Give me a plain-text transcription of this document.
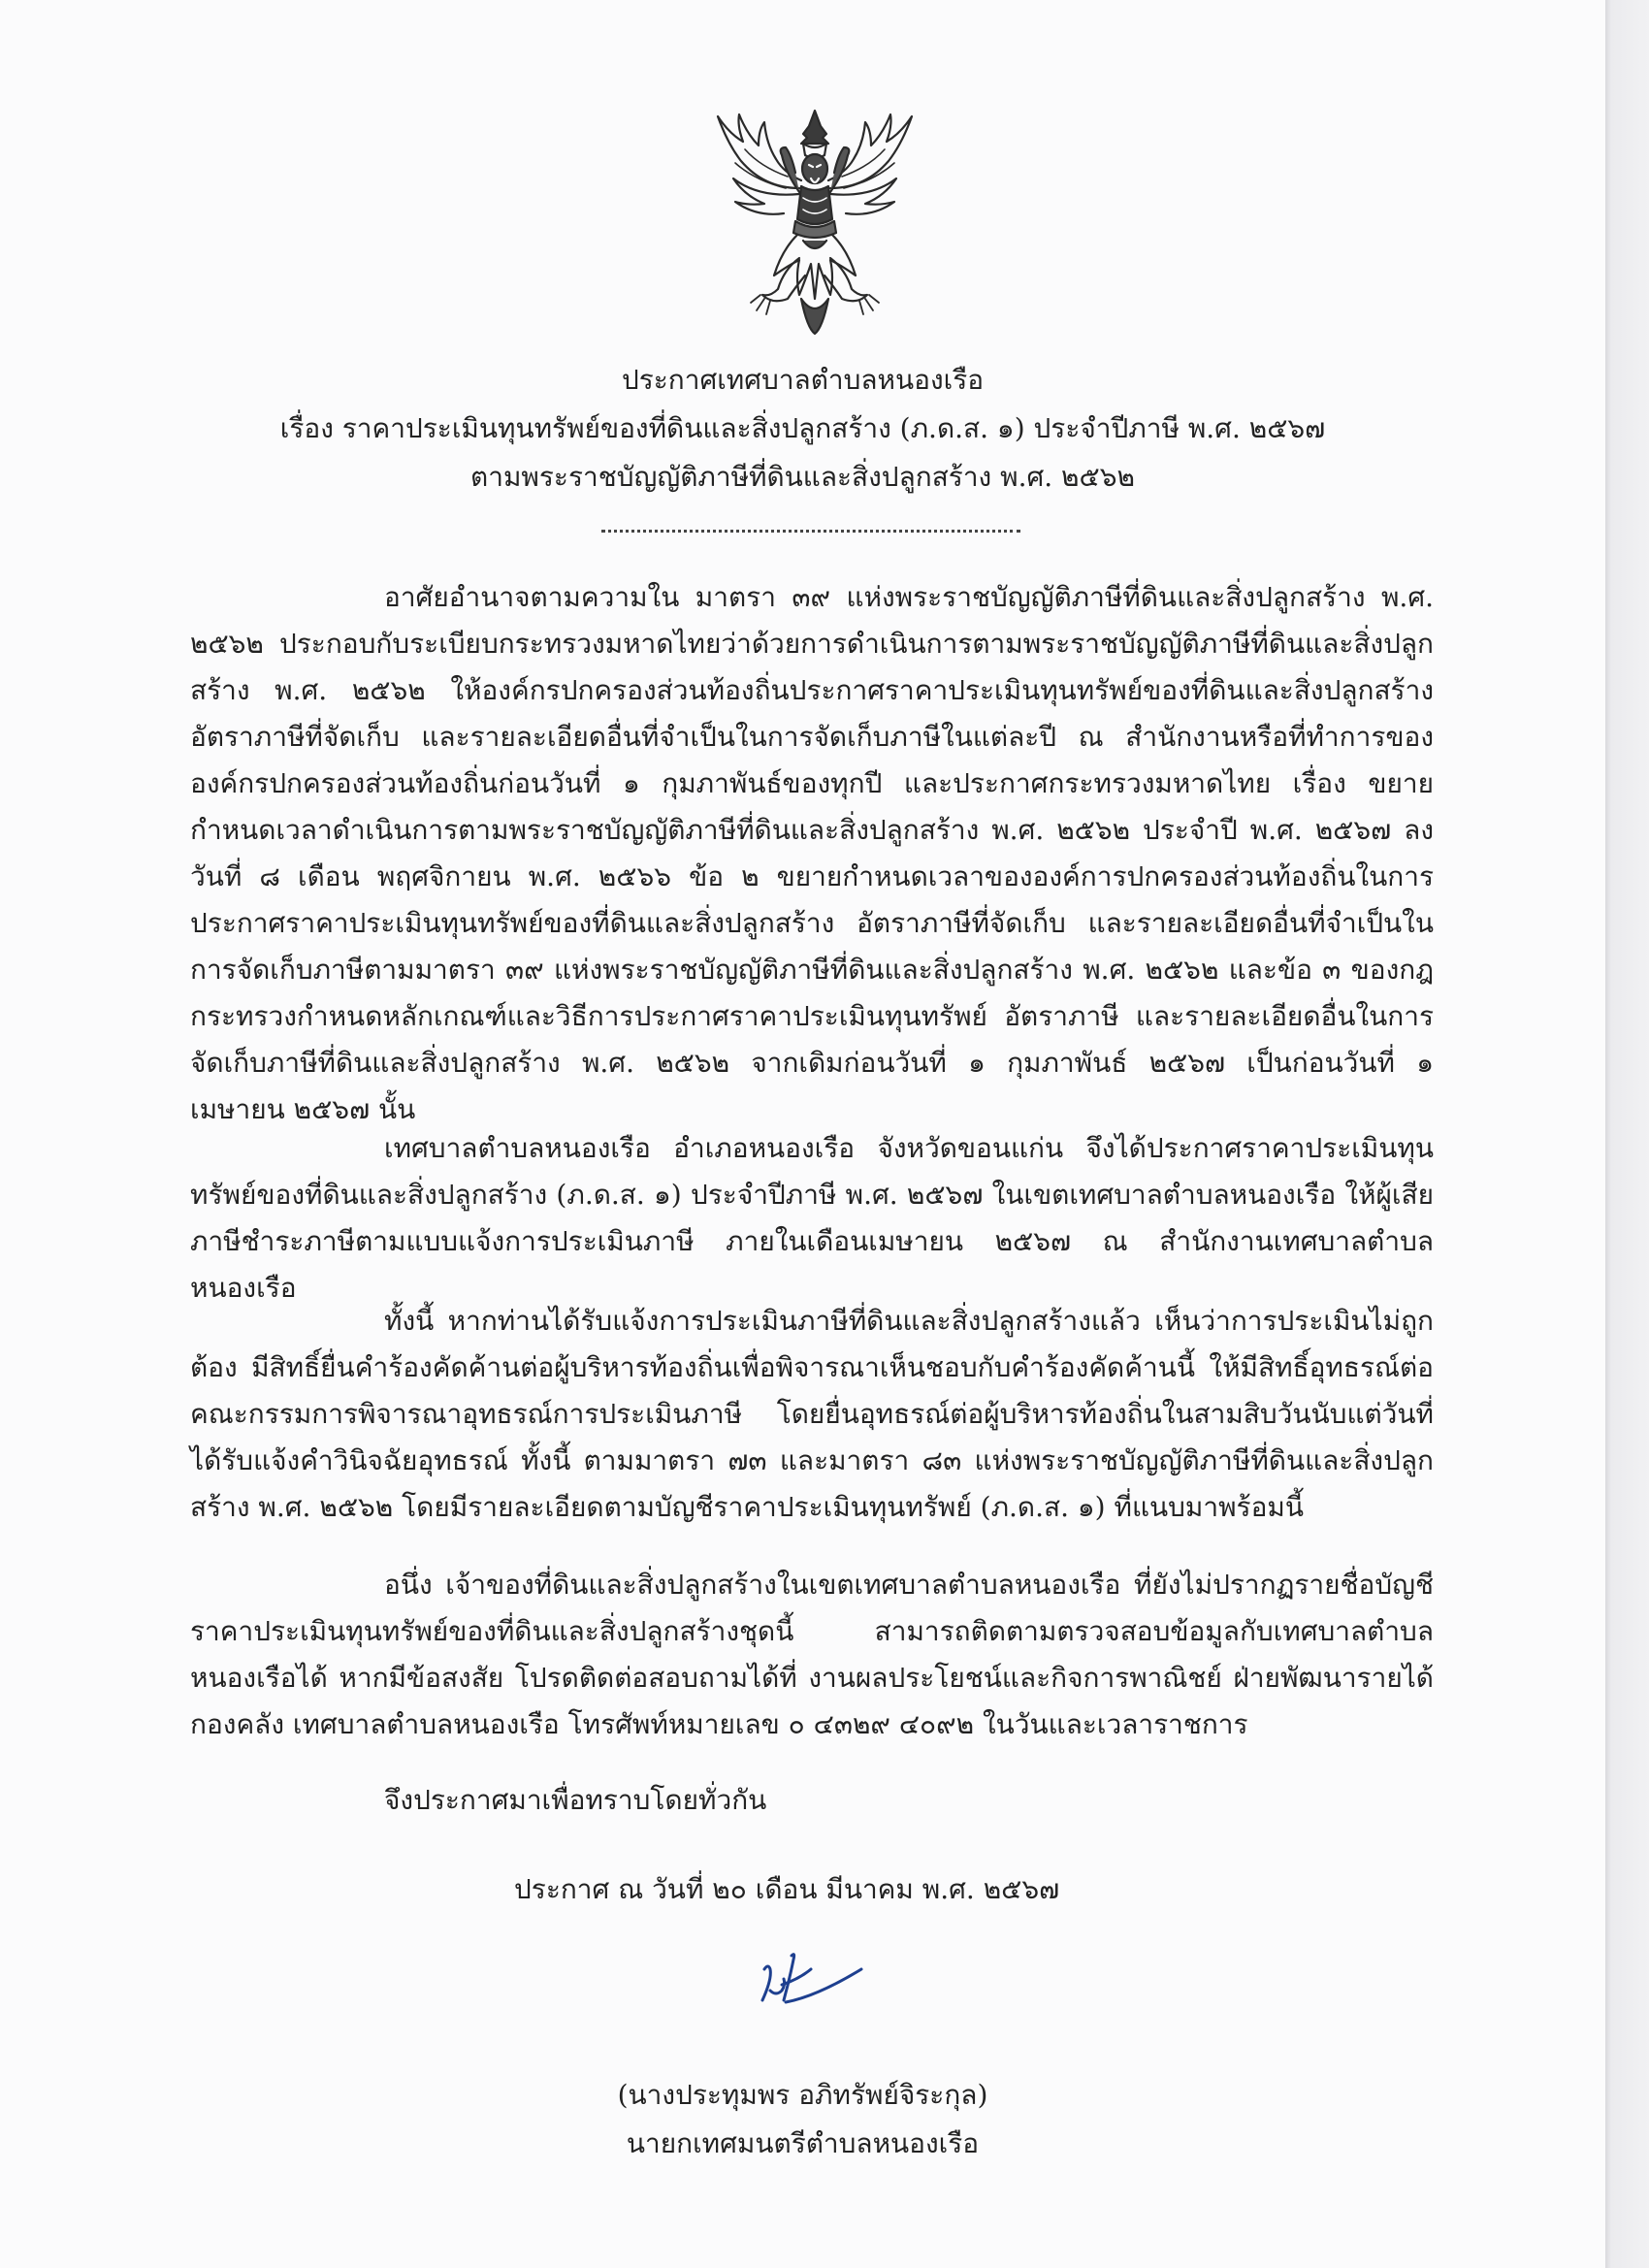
ประกาศเทศบาลตำบลหนองเรือ
เรื่อง ราคาประเมินทุนทรัพย์ของที่ดินและสิ่งปลูกสร้าง (ภ.ด.ส. ๑) ประจำปีภาษี พ.ศ. ๒๕๖๗
ตามพระราชบัญญัติภาษีที่ดินและสิ่งปลูกสร้าง พ.ศ. ๒๕๖๒

อาศัยอำนาจตามความใน มาตรา ๓๙ แห่งพระราชบัญญัติภาษีที่ดินและสิ่งปลูกสร้าง พ.ศ. ๒๕๖๒ ประกอบกับระเบียบกระทรวงมหาดไทยว่าด้วยการดำเนินการตามพระราชบัญญัติภาษีที่ดินและสิ่งปลูกสร้าง พ.ศ. ๒๕๖๒ ให้องค์กรปกครองส่วนท้องถิ่นประกาศราคาประเมินทุนทรัพย์ของที่ดินและสิ่งปลูกสร้าง อัตราภาษีที่จัดเก็บ และรายละเอียดอื่นที่จำเป็นในการจัดเก็บภาษีในแต่ละปี ณ สำนักงานหรือที่ทำการขององค์กรปกครองส่วนท้องถิ่นก่อนวันที่ ๑ กุมภาพันธ์ของทุกปี และประกาศกระทรวงมหาดไทย เรื่อง ขยายกำหนดเวลาดำเนินการตามพระราชบัญญัติภาษีที่ดินและสิ่งปลูกสร้าง พ.ศ. ๒๕๖๒ ประจำปี พ.ศ. ๒๕๖๗ ลงวันที่ ๘ เดือน พฤศจิกายน พ.ศ. ๒๕๖๖ ข้อ ๒ ขยายกำหนดเวลาขององค์การปกครองส่วนท้องถิ่นในการประกาศราคาประเมินทุนทรัพย์ของที่ดินและสิ่งปลูกสร้าง อัตราภาษีที่จัดเก็บ และรายละเอียดอื่นที่จำเป็นในการจัดเก็บภาษีตามมาตรา ๓๙ แห่งพระราชบัญญัติภาษีที่ดินและสิ่งปลูกสร้าง พ.ศ. ๒๕๖๒ และข้อ ๓ ของกฎกระทรวงกำหนดหลักเกณฑ์และวิธีการประกาศราคาประเมินทุนทรัพย์ อัตราภาษี และรายละเอียดอื่นในการจัดเก็บภาษีที่ดินและสิ่งปลูกสร้าง พ.ศ. ๒๕๖๒ จากเดิมก่อนวันที่ ๑ กุมภาพันธ์ ๒๕๖๗ เป็นก่อนวันที่ ๑ เมษายน ๒๕๖๗ นั้น

เทศบาลตำบลหนองเรือ อำเภอหนองเรือ จังหวัดขอนแก่น จึงได้ประกาศราคาประเมินทุนทรัพย์ของที่ดินและสิ่งปลูกสร้าง (ภ.ด.ส. ๑) ประจำปีภาษี พ.ศ. ๒๕๖๗ ในเขตเทศบาลตำบลหนองเรือ ให้ผู้เสียภาษีชำระภาษีตามแบบแจ้งการประเมินภาษี ภายในเดือนเมษายน ๒๕๖๗ ณ สำนักงานเทศบาลตำบลหนองเรือ

ทั้งนี้ หากท่านได้รับแจ้งการประเมินภาษีที่ดินและสิ่งปลูกสร้างแล้ว เห็นว่าการประเมินไม่ถูกต้อง มีสิทธิ์ยื่นคำร้องคัดค้านต่อผู้บริหารท้องถิ่นเพื่อพิจารณาเห็นชอบกับคำร้องคัดค้านนี้ ให้มีสิทธิ์อุทธรณ์ต่อคณะกรรมการพิจารณาอุทธรณ์การประเมินภาษี โดยยื่นอุทธรณ์ต่อผู้บริหารท้องถิ่นในสามสิบวันนับแต่วันที่ได้รับแจ้งคำวินิจฉัยอุทธรณ์ ทั้งนี้ ตามมาตรา ๗๓ และมาตรา ๘๓ แห่งพระราชบัญญัติภาษีที่ดินและสิ่งปลูกสร้าง พ.ศ. ๒๕๖๒ โดยมีรายละเอียดตามบัญชีราคาประเมินทุนทรัพย์ (ภ.ด.ส. ๑) ที่แนบมาพร้อมนี้

อนึ่ง เจ้าของที่ดินและสิ่งปลูกสร้างในเขตเทศบาลตำบลหนองเรือ ที่ยังไม่ปรากฏรายชื่อบัญชีราคาประเมินทุนทรัพย์ของที่ดินและสิ่งปลูกสร้างชุดนี้ สามารถติดตามตรวจสอบข้อมูลกับเทศบาลตำบลหนองเรือได้ หากมีข้อสงสัย โปรดติดต่อสอบถามได้ที่ งานผลประโยชน์และกิจการพาณิชย์ ฝ่ายพัฒนารายได้ กองคลัง เทศบาลตำบลหนองเรือ โทรศัพท์หมายเลข ๐ ๔๓๒๙ ๔๐๙๒ ในวันและเวลาราชการ

จึงประกาศมาเพื่อทราบโดยทั่วกัน
ประกาศ ณ วันที่ ๒๐ เดือน มีนาคม พ.ศ. ๒๕๖๗
(นางประทุมพร อภิทรัพย์จิระกุล)
นายกเทศมนตรีตำบลหนองเรือ
